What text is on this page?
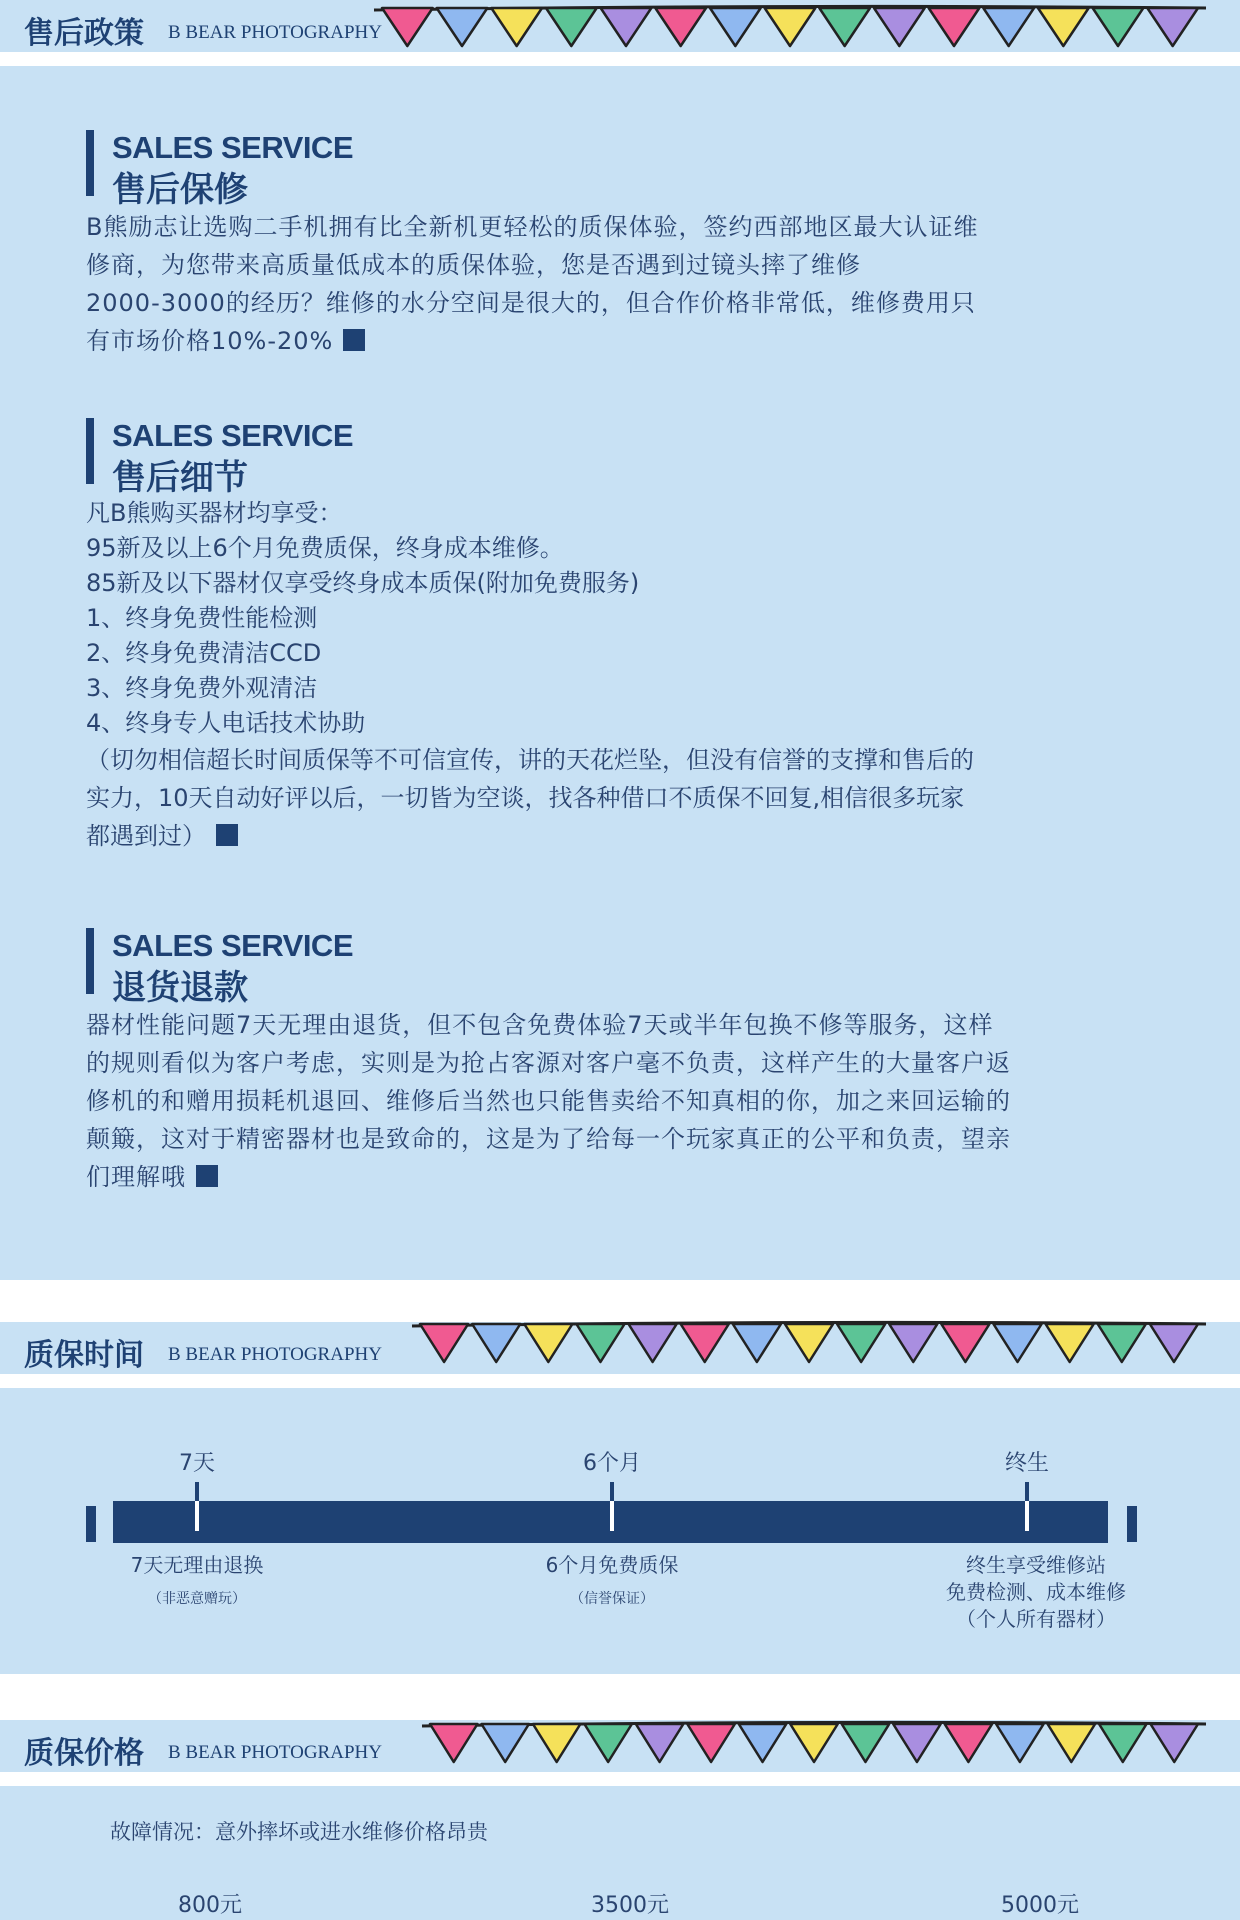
售后政策 B BEAR PHOTOGRAPHY
SALES SERVICE
售后保修

B熊励志让选购二手机拥有比全新机更轻松的质保体验，签约西部地区最大认证维

修商，为您带来高质量低成本的质保体验，您是否遇到过镜头摔了维修

2000-3000的经历？维修的水分空间是很大的，但合作价格非常低，维修费用只

有市场价格10%-20%

SALES SERVICE
售后细节

凡B熊购买器材均享受：

95新及以上6个月免费质保，终身成本维修。

85新及以下器材仅享受终身成本质保(附加免费服务)

1、终身免费性能检测

2、终身免费清洁CCD

3、终身免费外观清洁

4、终身专人电话技术协助

（切勿相信超长时间质保等不可信宣传，讲的天花烂坠，但没有信誉的支撑和售后的

实力，10天自动好评以后，一切皆为空谈，找各种借口不质保不回复,相信很多玩家

都遇到过）

SALES SERVICE
退货退款

器材性能问题7天无理由退货，但不包含免费体验7天或半年包换不修等服务，这样

的规则看似为客户考虑，实则是为抢占客源对客户毫不负责，这样产生的大量客户返

修机的和赠用损耗机退回、维修后当然也只能售卖给不知真相的你，加之来回运输的

颠簸，这对于精密器材也是致命的，这是为了给每一个玩家真正的公平和负责，望亲

们理解哦

质保时间 B BEAR PHOTOGRAPHY
7天	6个月	终生
7天无理由退换
（非恶意赠玩）
6个月免费质保
（信誉保证）
终生享受维修站
免费检测、成本维修
（个人所有器材）
质保价格 B BEAR PHOTOGRAPHY
故障情况：意外摔坏或进水维修价格昂贵
800元	3500元	5000元
